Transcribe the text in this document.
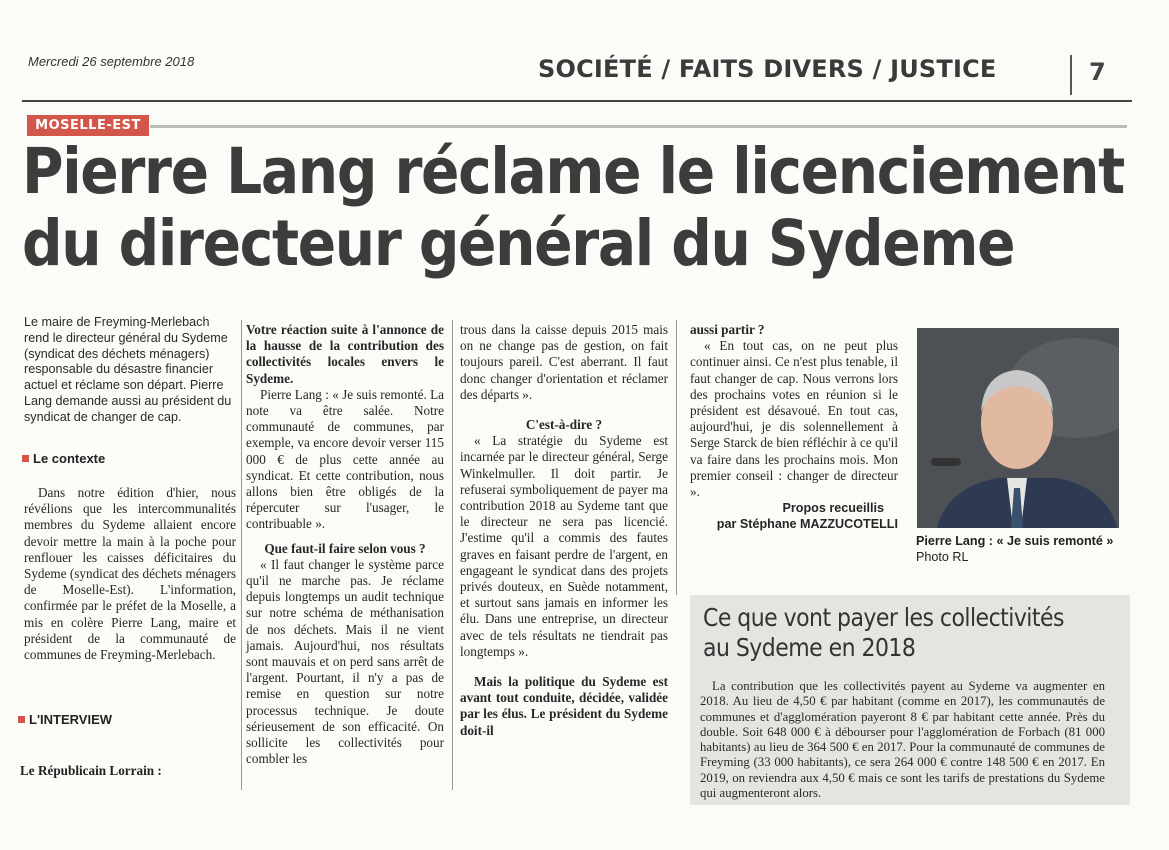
Mercredi 26 septembre 2018	SOCIÉTÉ / FAITS DIVERS / JUSTICE	7
MOSELLE-EST
Pierre Lang réclame le licenciement
du directeur général du Sydeme
Le maire de Freyming-Merlebach rend le directeur général du Sydeme (syndicat des déchets ménagers) responsable du désastre financier actuel et réclame son départ. Pierre Lang demande aussi au président du syndicat de changer de cap.
Le contexte

Dans notre édition d'hier, nous révélions que les intercommunalités membres du Sydeme allaient encore devoir mettre la main à la poche pour renflouer les caisses déficitaires du Sydeme (syndicat des déchets ménagers de Moselle-Est). L'information, confirmée par le préfet de la Moselle, a mis en colère Pierre Lang, maire et président de la communauté de communes de Freyming-Merlebach.

L'INTERVIEW
Le Républicain Lorrain :
Votre réaction suite à l'annonce de la hausse de la contribution des collectivités locales envers le Sydeme.

Pierre Lang : « Je suis remonté. La note va être salée. Notre communauté de communes, par exemple, va encore devoir verser 115 000 € de plus cette année au syndicat. Et cette contribution, nous allons bien être obligés de la répercuter sur l'usager, le contribuable ».

Que faut-il faire selon vous ?

« Il faut changer le système parce qu'il ne marche pas. Je réclame depuis longtemps un audit technique sur notre schéma de méthanisation de nos déchets. Mais il ne vient jamais. Aujourd'hui, nos résultats sont mauvais et on perd sans arrêt de l'argent. Pourtant, il n'y a pas de remise en question sur notre processus technique. Je doute sérieusement de son efficacité. On sollicite les collectivités pour combler les

trous dans la caisse depuis 2015 mais on ne change pas de gestion, on fait toujours pareil. C'est aberrant. Il faut donc changer d'orientation et réclamer des départs ».
C'est-à-dire ?

« La stratégie du Sydeme est incarnée par le directeur général, Serge Winkelmuller. Il doit partir. Je refuserai symboliquement de payer ma contribution 2018 au Sydeme tant que le directeur ne sera pas licencié. J'estime qu'il a commis des fautes graves en faisant perdre de l'argent, en engageant le syndicat dans des projets privés douteux, en Suède notamment, et surtout sans jamais en informer les élu. Dans une entreprise, un directeur avec de tels résultats ne tiendrait pas longtemps ».

Mais la politique du Sydeme est avant tout conduite, décidée, validée par les élus. Le président du Sydeme doit-il
aussi partir ?

« En tout cas, on ne peut plus continuer ainsi. Ce n'est plus tenable, il faut changer de cap. Nous verrons lors des prochains votes en réunion si le président est désavoué. En tout cas, aujourd'hui, je dis solennellement à Serge Starck de bien réfléchir à ce qu'il va faire dans les prochains mois. Mon premier conseil : changer de directeur ».

Propos recueillis
par Stéphane MAZZUCOTELLI
Pierre Lang : « Je suis remonté »
Photo RL
Ce que vont payer les collectivités
au Sydeme en 2018
La contribution que les collectivités payent au Sydeme va augmenter en 2018. Au lieu de 4,50 € par habitant (comme en 2017), les communautés de communes et d'agglomération payeront 8 € par habitant cette année. Près du double. Soit 648 000 € à débourser pour l'agglomération de Forbach (81 000 habitants) au lieu de 364 500 € en 2017. Pour la communauté de communes de Freyming (33 000 habitants), ce sera 264 000 € contre 148 500 € en 2017. En 2019, on reviendra aux 4,50 € mais ce sont les tarifs de prestations du Sydeme qui augmenteront alors.
